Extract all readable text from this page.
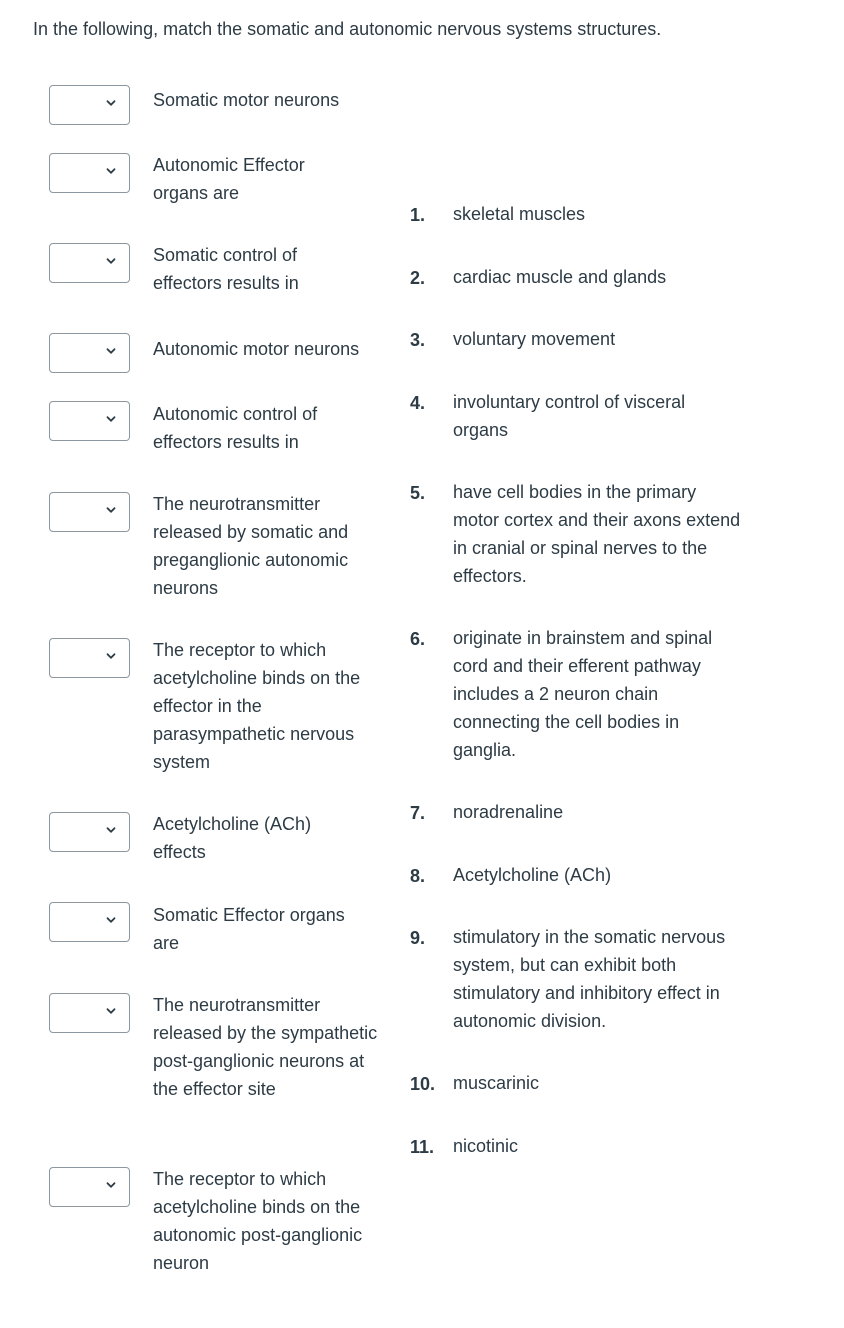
In the following, match the somatic and autonomic nervous systems structures.
Somatic motor neurons
Autonomic Effector organs are
Somatic control of effectors results in
Autonomic motor neurons
Autonomic control of effectors results in
The neurotransmitter released by somatic and preganglionic autonomic neurons
The receptor to which acetylcholine binds on the effector in the parasympathetic nervous system
Acetylcholine (ACh) effects
Somatic Effector organs are
The neurotransmitter released by the sympathetic post-ganglionic neurons at the effector site
The receptor to which acetylcholine binds on the autonomic post-ganglionic neuron
1. skeletal muscles
2. cardiac muscle and glands
3. voluntary movement
4. involuntary control of visceral organs
5. have cell bodies in the primary motor cortex and their axons extend in cranial or spinal nerves to the effectors.
6. originate in brainstem and spinal cord and their efferent pathway includes a 2 neuron chain connecting the cell bodies in ganglia.
7. noradrenaline
8. Acetylcholine (ACh)
9. stimulatory in the somatic nervous system, but can exhibit both stimulatory and inhibitory effect in autonomic division.
10. muscarinic
11. nicotinic
